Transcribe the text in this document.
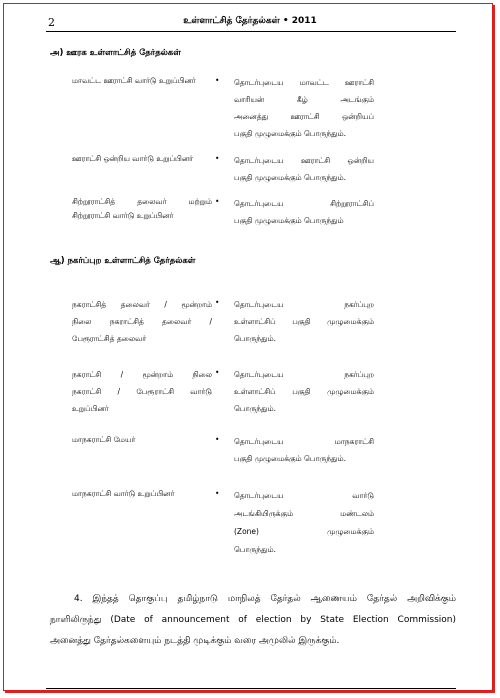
2	உள்ளாட்சித் தேர்தல்கள் • 2011
அ) ஊரக உள்ளாட்சித் தேர்தல்கள்
மாவட்ட ஊராட்சி வார்டு உறுப்பினர்	• தொடர்புடைய மாவட்ட ஊராட்சி
வாரியன் கீழ் அடங்கும்
அனைத்து ஊராட்சி ஒன்றியப்
பகுதி முழுமைக்கும் பொருந்தும்.
ஊராட்சி ஒன்றிய வார்டு உறுப்பினர்	• தொடர்புடைய ஊராட்சி ஒன்றிய
பகுதி முழுமைக்கும் பொருந்தும்.
சிற்றூராட்சித் தலைவர் மற்றும்
சிற்றூராட்சி வார்டு உறுப்பினர்
• தொடர்புடைய சிற்றூராட்சிப்
பகுதி முழுமைக்கும் பொருந்தும்
ஆ) நகர்ப்புற உள்ளாட்சித் தேர்தல்கள்
நகராட்சித் தலைவர் / மூன்றாம்
நிலை நகராட்சித் தலைவர் /
பேரூராட்சித் தலைவர்
• தொடர்புடைய நகர்ப்புற
உள்ளாட்சிப் பகுதி முழுமைக்கும்
பொருந்தும்.
நகராட்சி / மூன்றாம் நிலை
நகராட்சி / பேரூராட்சி வார்டு
உறுப்பினர்
• தொடர்புடைய நகர்ப்புற
உள்ளாட்சிப் பகுதி முழுமைக்கும்
பொருந்தும்.
மாநகராட்சி மேயர்	• தொடர்புடைய மாநகராட்சி
பகுதி முழுமைக்கும் பொருந்தும்.
மாநகராட்சி வார்டு உறுப்பினர்	• தொடர்புடைய வார்டு
அடங்கியிருக்கும் மண்டலம்
(Zone) முழுமைக்கும்
பொருந்தும்.
4. இந்தத் தொகுப்பு தமிழ்நாடு மாநிலத் தேர்தல் ஆணையம் தேர்தல் அறிவிக்கும்
நாளிலிருந்து (Date of announcement of election by State Election Commission)
அனைத்து தேர்தல்களையும் நடத்தி முடிக்கும் வரை அமுலில் இருக்கும்.
